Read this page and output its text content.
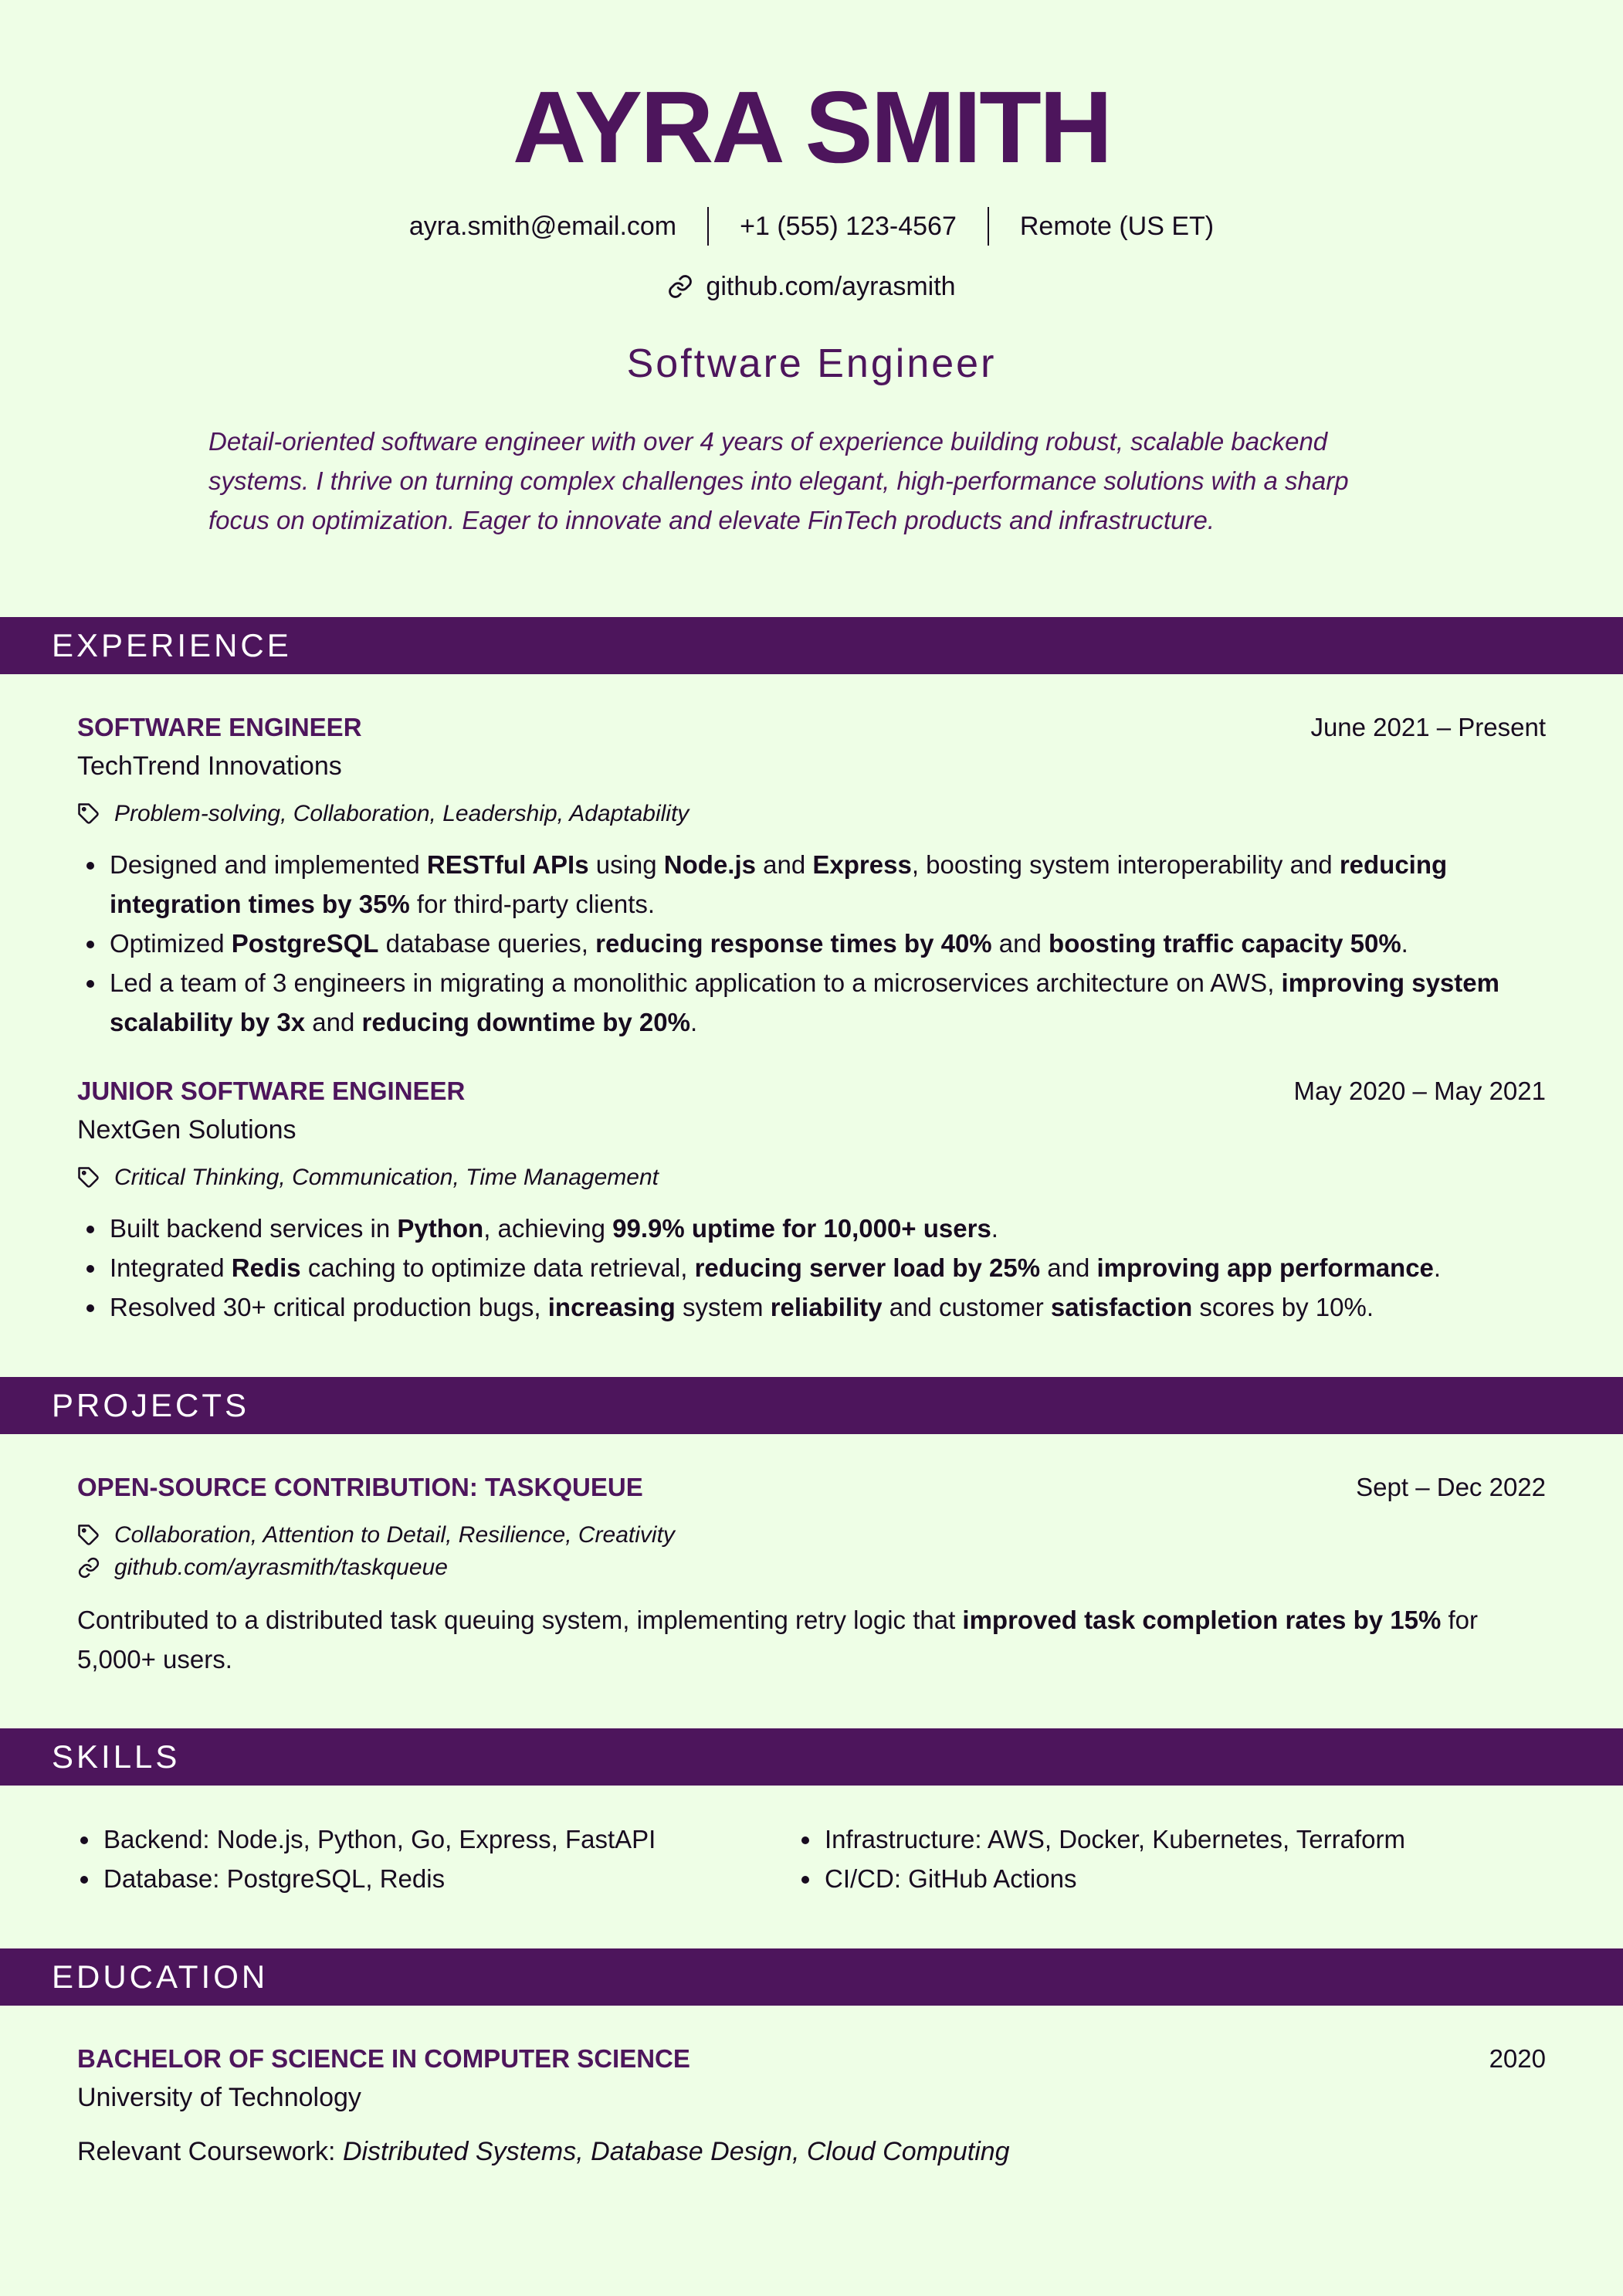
AYRA SMITH
ayra.smith@email.com +1 (555) 123-4567 Remote (US ET)
github.com/ayrasmith
Software Engineer
Detail-oriented software engineer with over 4 years of experience building robust, scalable backend systems. I thrive on turning complex challenges into elegant, high-performance solutions with a sharp focus on optimization. Eager to innovate and elevate FinTech products and infrastructure.
EXPERIENCE
SOFTWARE ENGINEER	June 2021 – Present
TechTrend Innovations
Problem-solving, Collaboration, Leadership, Adaptability
Designed and implemented RESTful APIs using Node.js and Express, boosting system interoperability and reducing integration times by 35% for third-party clients.
Optimized PostgreSQL database queries, reducing response times by 40% and boosting traffic capacity 50%.
Led a team of 3 engineers in migrating a monolithic application to a microservices architecture on AWS, improving system scalability by 3x and reducing downtime by 20%.
JUNIOR SOFTWARE ENGINEER	May 2020 – May 2021
NextGen Solutions
Critical Thinking, Communication, Time Management
Built backend services in Python, achieving 99.9% uptime for 10,000+ users.
Integrated Redis caching to optimize data retrieval, reducing server load by 25% and improving app performance.
Resolved 30+ critical production bugs, increasing system reliability and customer satisfaction scores by 10%.
PROJECTS
OPEN-SOURCE CONTRIBUTION: TASKQUEUE	Sept – Dec 2022
Collaboration, Attention to Detail, Resilience, Creativity
github.com/ayrasmith/taskqueue
Contributed to a distributed task queuing system, implementing retry logic that improved task completion rates by 15% for 5,000+ users.
SKILLS
Backend: Node.js, Python, Go, Express, FastAPI
Database: PostgreSQL, Redis
Infrastructure: AWS, Docker, Kubernetes, Terraform
CI/CD: GitHub Actions
EDUCATION
BACHELOR OF SCIENCE IN COMPUTER SCIENCE	2020
University of Technology
Relevant Coursework: Distributed Systems, Database Design, Cloud Computing
